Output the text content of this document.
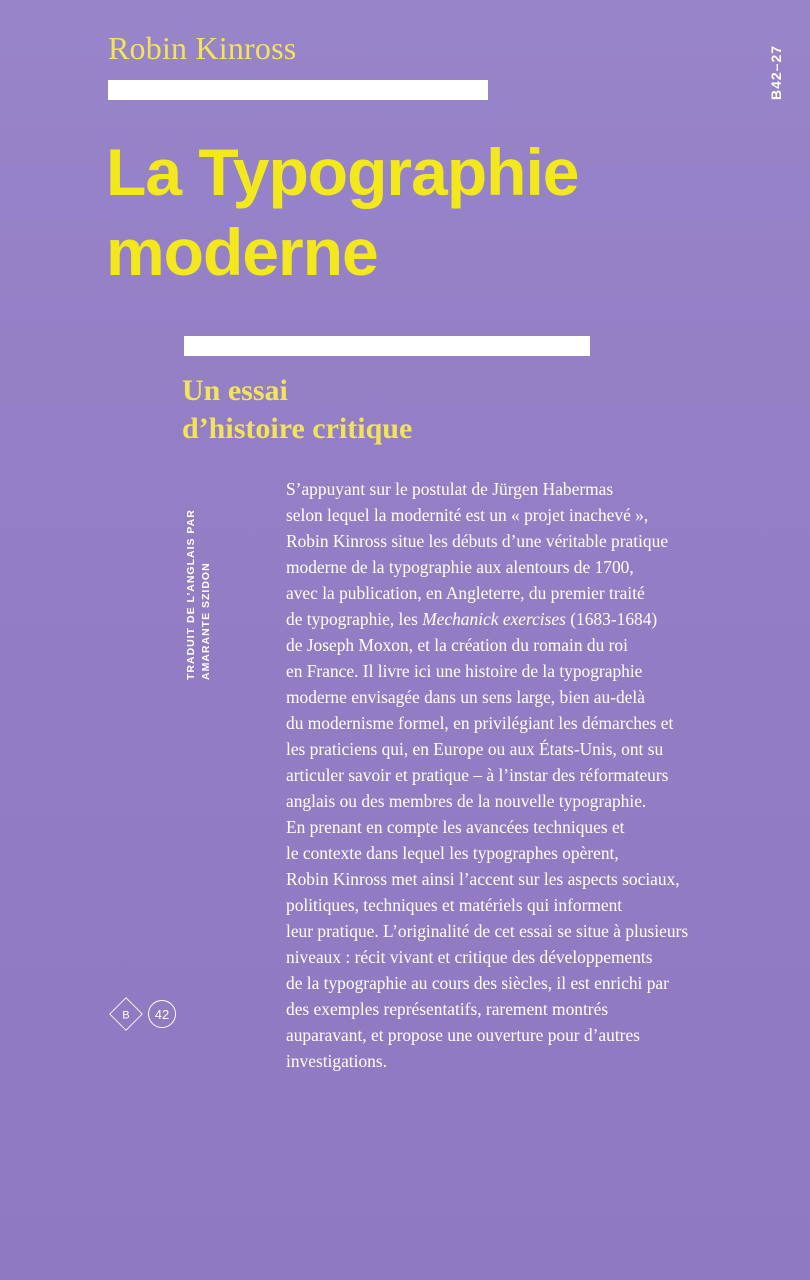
Robin Kinross
La Typographie
moderne
B42–27
Un essai
d’histoire critique
TRADUIT DE L’ANGLAIS PAR AMARANTE SZIDON
S’appuyant sur le postulat de Jürgen Habermas
selon lequel la modernité est un « projet inachevé »,
Robin Kinross situe les débuts d’une véritable pratique
moderne de la typographie aux alentours de 1700,
avec la publication, en Angleterre, du premier traité
de typographie, les Mechanick exercises (1683-1684)
de Joseph Moxon, et la création du romain du roi
en France. Il livre ici une histoire de la typographie
moderne envisagée dans un sens large, bien au-delà
du modernisme formel, en privilégiant les démarches et
les praticiens qui, en Europe ou aux États-Unis, ont su
articuler savoir et pratique – à l’instar des réformateurs
anglais ou des membres de la nouvelle typographie.
En prenant en compte les avancées techniques et
le contexte dans lequel les typographes opèrent,
Robin Kinross met ainsi l’accent sur les aspects sociaux,
politiques, techniques et matériels qui informent
leur pratique. L’originalité de cet essai se situe à plusieurs
niveaux : récit vivant et critique des développements
de la typographie au cours des siècles, il est enrichi par
des exemples représentatifs, rarement montrés
auparavant, et propose une ouverture pour d’autres
investigations.
B	42
